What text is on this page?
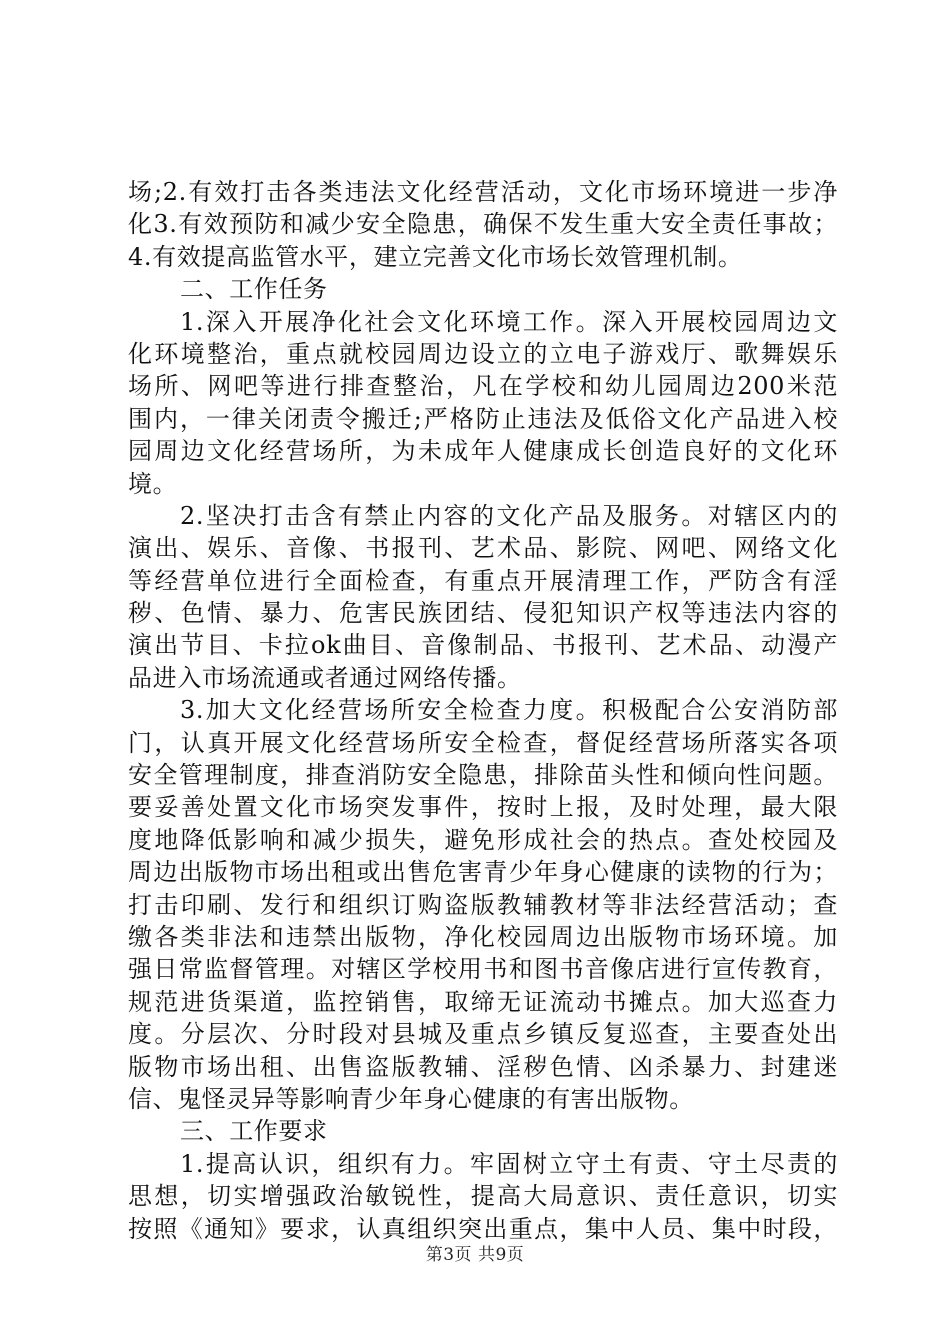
场;2.有效打击各类违法文化经营活动，文化市场环境进一步净
化3.有效预防和减少安全隐患，确保不发生重大安全责任事故；
4.有效提高监管水平，建立完善文化市场长效管理机制。
二、工作任务
1.深入开展净化社会文化环境工作。深入开展校园周边文
化环境整治，重点就校园周边设立的立电子游戏厅、歌舞娱乐
场所、网吧等进行排查整治，凡在学校和幼儿园周边200米范
围内，一律关闭责令搬迁;严格防止违法及低俗文化产品进入校
园周边文化经营场所，为未成年人健康成长创造良好的文化环
境。
2.坚决打击含有禁止内容的文化产品及服务。对辖区内的
演出、娱乐、音像、书报刊、艺术品、影院、网吧、网络文化
等经营单位进行全面检查，有重点开展清理工作，严防含有淫
秽、色情、暴力、危害民族团结、侵犯知识产权等违法内容的
演出节目、卡拉ok曲目、音像制品、书报刊、艺术品、动漫产
品进入市场流通或者通过网络传播。
3.加大文化经营场所安全检查力度。积极配合公安消防部
门，认真开展文化经营场所安全检查，督促经营场所落实各项
安全管理制度，排查消防安全隐患，排除苗头性和倾向性问题。
要妥善处置文化市场突发事件，按时上报，及时处理，最大限
度地降低影响和减少损失，避免形成社会的热点。查处校园及
周边出版物市场出租或出售危害青少年身心健康的读物的行为；
打击印刷、发行和组织订购盗版教辅教材等非法经营活动；查
缴各类非法和违禁出版物，净化校园周边出版物市场环境。加
强日常监督管理。对辖区学校用书和图书音像店进行宣传教育，
规范进货渠道，监控销售，取缔无证流动书摊点。加大巡查力
度。分层次、分时段对县城及重点乡镇反复巡查，主要查处出
版物市场出租、出售盗版教辅、淫秽色情、凶杀暴力、封建迷
信、鬼怪灵异等影响青少年身心健康的有害出版物。
三、工作要求
1.提高认识，组织有力。牢固树立守土有责、守土尽责的
思想，切实增强政治敏锐性，提高大局意识、责任意识，切实
按照《通知》要求，认真组织突出重点，集中人员、集中时段，
第3页 共9页
